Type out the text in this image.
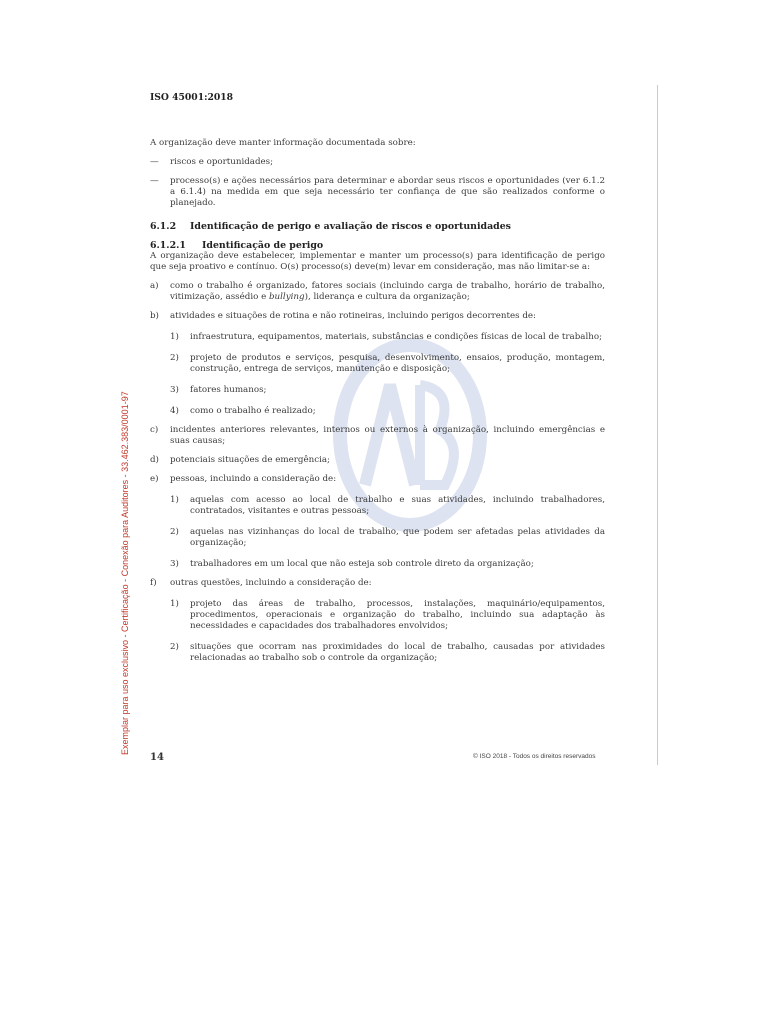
Exemplar para uso exclusivo - Certificação - Conexão para Auditores - 33.462.383/0001-97

ISO 45001:2018

A organização deve manter informação documentada sobre:

—	riscos e oportunidades;
—	processo(s) e ações necessários para determinar e abordar seus riscos e oportunidades (ver 6.1.2 a 6.1.4) na medida em que seja necessário ter confiança de que são realizados conforme o planejado.
6.1.2	Identificação de perigo e avaliação de riscos e oportunidades
6.1.2.1	Identificação de perigo

A organização deve estabelecer, implementar e manter um processo(s) para identificação de perigo que seja proativo e contínuo. O(s) processo(s) deve(m) levar em consideração, mas não limitar-se a:

a)	como o trabalho é organizado, fatores sociais (incluindo carga de trabalho, horário de trabalho, vitimização, assédio e bullying), liderança e cultura da organização;
b)	atividades e situações de rotina e não rotineiras, incluindo perigos decorrentes de:
1)	infraestrutura, equipamentos, materiais, substâncias e condições físicas de local de trabalho;
2)	projeto de produtos e serviços, pesquisa, desenvolvimento, ensaios, produção, montagem, construção, entrega de serviços, manutenção e disposição;
3)	fatores humanos;
4)	como o trabalho é realizado;
c)	incidentes anteriores relevantes, internos ou externos à organização, incluindo emergências e suas causas;
d)	potenciais situações de emergência;
e)	pessoas, incluindo a consideração de:
1)	aquelas com acesso ao local de trabalho e suas atividades, incluindo trabalhadores, contratados, visitantes e outras pessoas;
2)	aquelas nas vizinhanças do local de trabalho, que podem ser afetadas pelas atividades da organização;
3)	trabalhadores em um local que não esteja sob controle direto da organização;
f)	outras questões, incluindo a consideração de:
1)	projeto das áreas de trabalho, processos, instalações, maquinário/equipamentos, procedimentos, operacionais e organização do trabalho, incluindo sua adaptação às necessidades e capacidades dos trabalhadores envolvidos;
2)	situações que ocorram nas proximidades do local de trabalho, causadas por atividades relacionadas ao trabalho sob o controle da organização;
14	© ISO 2018 - Todos os direitos reservados
